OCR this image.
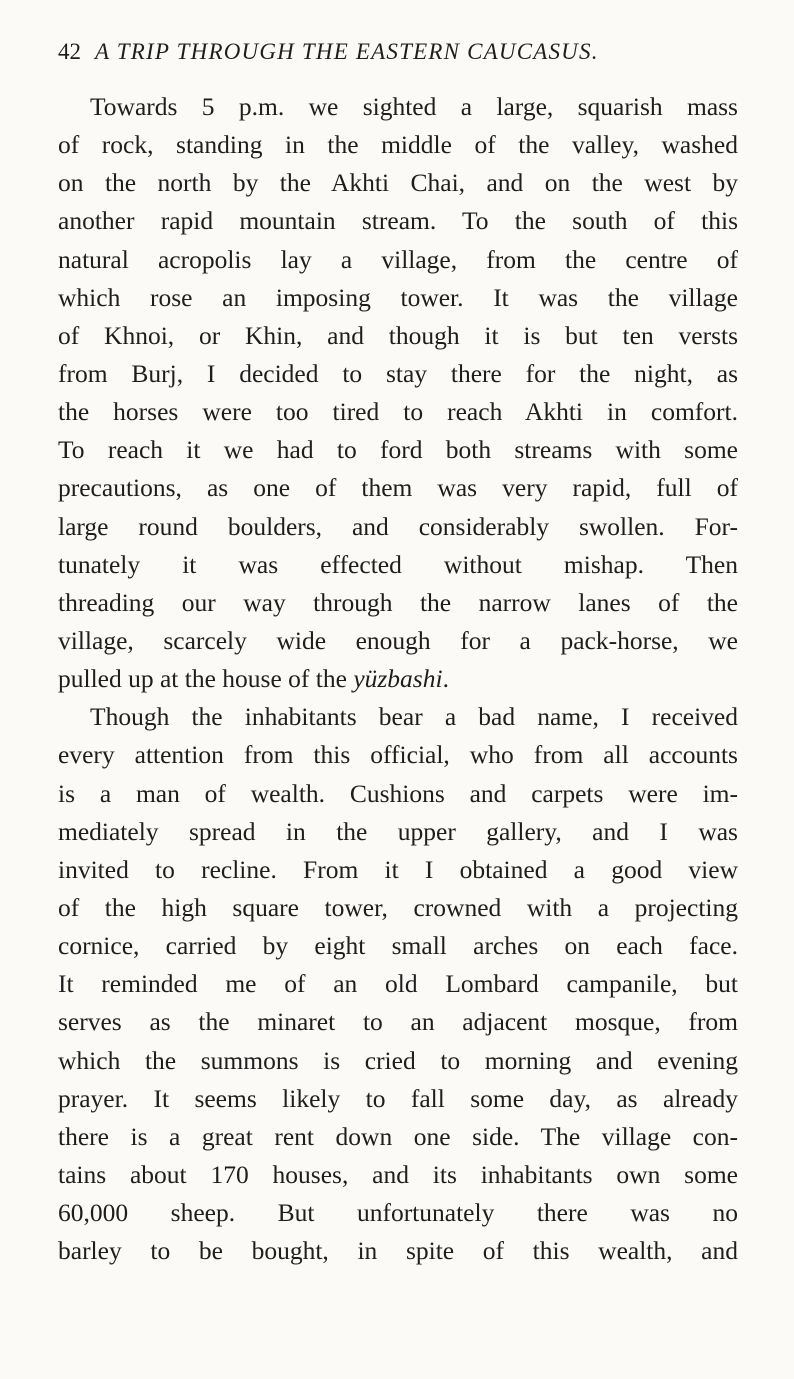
42 A TRIP THROUGH THE EASTERN CAUCASUS.
Towards 5 p.m. we sighted a large, squarish mass
of rock, standing in the middle of the valley, washed
on the north by the Akhti Chai, and on the west by
another rapid mountain stream. To the south of this
natural acropolis lay a village, from the centre of
which rose an imposing tower. It was the village
of Khnoi, or Khin, and though it is but ten versts
from Burj, I decided to stay there for the night, as
the horses were too tired to reach Akhti in comfort.
To reach it we had to ford both streams with some
precautions, as one of them was very rapid, full of
large round boulders, and considerably swollen. For-
tunately it was effected without mishap. Then
threading our way through the narrow lanes of the
village, scarcely wide enough for a pack-horse, we
pulled up at the house of the yüzbashi.
Though the inhabitants bear a bad name, I received
every attention from this official, who from all accounts
is a man of wealth. Cushions and carpets were im-
mediately spread in the upper gallery, and I was
invited to recline. From it I obtained a good view
of the high square tower, crowned with a projecting
cornice, carried by eight small arches on each face.
It reminded me of an old Lombard campanile, but
serves as the minaret to an adjacent mosque, from
which the summons is cried to morning and evening
prayer. It seems likely to fall some day, as already
there is a great rent down one side. The village con-
tains about 170 houses, and its inhabitants own some
60,000 sheep. But unfortunately there was no
barley to be bought, in spite of this wealth, and
